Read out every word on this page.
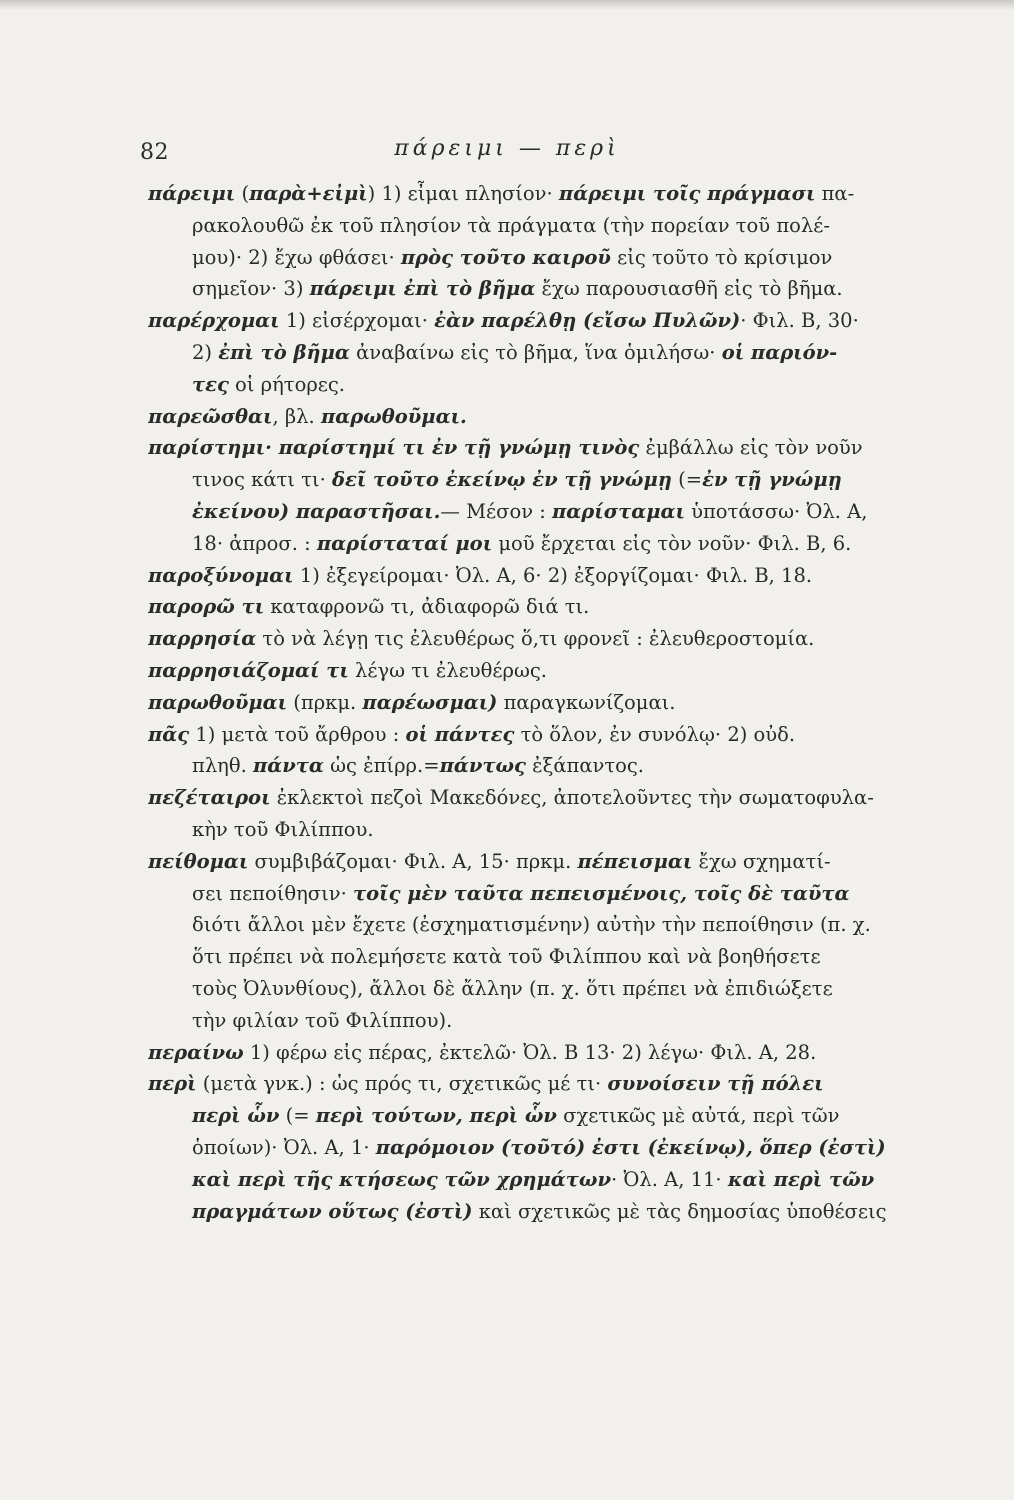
82	πάρειμι — περὶ
πάρειμι (παρὰ+εἰμὶ) 1) εἶμαι πλησίον· πάρειμι τοῖς πράγμασι πα-
ρακολουθῶ ἐκ τοῦ πλησίον τὰ πράγματα (τὴν πορείαν τοῦ πολέ-
μου)· 2) ἔχω φθάσει· πρὸς τοῦτο καιροῦ εἰς τοῦτο τὸ κρίσιμον
σημεῖον· 3) πάρειμι ἐπὶ τὸ βῆμα ἔχω παρουσιασθῆ εἰς τὸ βῆμα.
παρέρχομαι 1) εἰσέρχομαι· ἐὰν παρέλθῃ (εἴσω Πυλῶν)· Φιλ. Β, 30·
2) ἐπὶ τὸ βῆμα ἀναβαίνω εἰς τὸ βῆμα, ἵνα ὁμιλήσω· οἱ παριόν-
τες οἱ ρήτορες.
παρεῶσθαι, βλ. παρωθοῦμαι.
παρίστημι· παρίστημί τι ἐν τῇ γνώμῃ τινὸς ἐμβάλλω εἰς τὸν νοῦν
τινος κάτι τι· δεῖ τοῦτο ἐκείνῳ ἐν τῇ γνώμῃ (=ἐν τῇ γνώμῃ
ἐκείνου) παραστῆσαι.— Μέσον : παρίσταμαι ὑποτάσσω· Ὀλ. Α,
18· ἀπροσ. : παρίσταταί μοι μοῦ ἔρχεται εἰς τὸν νοῦν· Φιλ. Β, 6.
παροξύνομαι 1) ἐξεγείρομαι· Ὀλ. Α, 6· 2) ἐξοργίζομαι· Φιλ. Β, 18.
παρορῶ τι καταφρονῶ τι, ἀδιαφορῶ διά τι.
παρρησία τὸ νὰ λέγῃ τις ἐλευθέρως ὅ,τι φρονεῖ : ἐλευθεροστομία.
παρρησιάζομαί τι λέγω τι ἐλευθέρως.
παρωθοῦμαι (πρκμ. παρέωσμαι) παραγκωνίζομαι.
πᾶς 1) μετὰ τοῦ ἄρθρου : οἱ πάντες τὸ ὅλον, ἐν συνόλῳ· 2) οὐδ.
πληθ. πάντα ὡς ἐπίρρ.=πάντως ἐξάπαντος.
πεζέταιροι ἐκλεκτοὶ πεζοὶ Μακεδόνες, ἀποτελοῦντες τὴν σωματοφυλα-
κὴν τοῦ Φιλίππου.
πείθομαι συμβιβάζομαι· Φιλ. Α, 15· πρκμ. πέπεισμαι ἔχω σχηματί-
σει πεποίθησιν· τοῖς μὲν ταῦτα πεπεισμένοις, τοῖς δὲ ταῦτα
διότι ἄλλοι μὲν ἔχετε (ἐσχηματισμένην) αὐτὴν τὴν πεποίθησιν (π. χ.
ὅτι πρέπει νὰ πολεμήσετε κατὰ τοῦ Φιλίππου καὶ νὰ βοηθήσετε
τοὺς Ὀλυνθίους), ἄλλοι δὲ ἄλλην (π. χ. ὅτι πρέπει νὰ ἐπιδιώξετε
τὴν φιλίαν τοῦ Φιλίππου).
περαίνω 1) φέρω εἰς πέρας, ἐκτελῶ· Ὀλ. Β 13· 2) λέγω· Φιλ. Α, 28.
περὶ (μετὰ γνκ.) : ὡς πρός τι, σχετικῶς μέ τι· συνοίσειν τῇ πόλει
περὶ ὧν (= περὶ τούτων, περὶ ὧν σχετικῶς μὲ αὐτά, περὶ τῶν
ὁποίων)· Ὀλ. Α, 1· παρόμοιον (τοῦτό) ἐστι (ἐκείνῳ), ὅπερ (ἐστὶ)
καὶ περὶ τῆς κτήσεως τῶν χρημάτων· Ὀλ. Α, 11· καὶ περὶ τῶν
πραγμάτων οὕτως (ἐστὶ) καὶ σχετικῶς μὲ τὰς δημοσίας ὑποθέσεις
